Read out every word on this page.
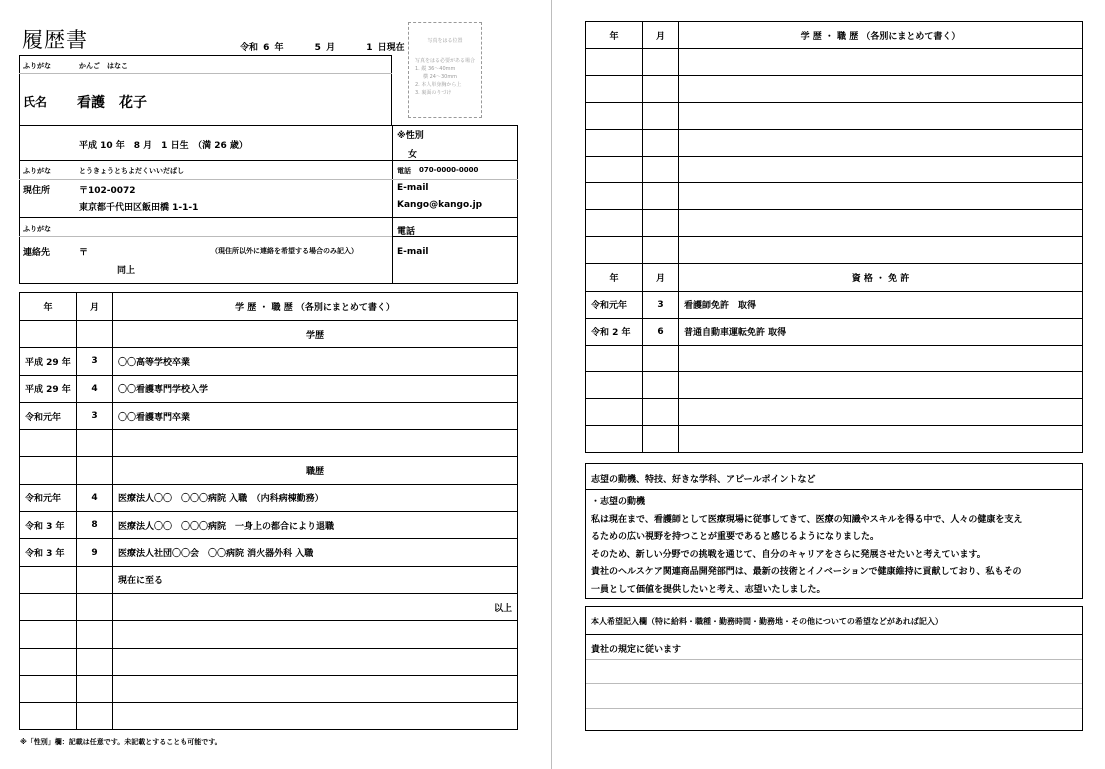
履歴書	令和 6 年	5 月	1 日現在
写真をはる位置
写真をはる必要がある場合
1. 縦 36～40mm
横 24～30mm
2. 本人単身胸から上
3. 裏面のりづけ
ふりがな	かんご　はなこ
氏名 看護　花子
平成 10 年　8 月　1 日生　（満 26 歳）
※性別
女
ふりがな	とうきょうとちよだくいいだばし	電話 070-0000-0000
現住所	〒102-0072
東京都千代田区飯田橋 1-1-1
E-mail
Kango@kango.jp
ふりがな	電話
連絡先	〒	（現住所以外に連絡を希望する場合のみ記入）	E-mail
同上
年	月	学 歴 ・ 職 歴 （各別にまとめて書く）
		学歴
平成 29 年	3	〇〇高等学校卒業
平成 29 年	4	〇〇看護専門学校入学
令和元年	3	〇〇看護専門卒業

		職歴
令和元年	4	医療法人〇〇　〇〇〇病院 入職　（内科病棟勤務）
令和 3 年	8	医療法人〇〇　〇〇〇病院　一身上の都合により退職
令和 3 年	9	医療法人社団〇〇会　〇〇病院 消火器外科 入職
		現在に至る
		以上

年	月	学 歴 ・ 職 歴 （各別にまとめて書く）

年	月	資 格 ・ 免 許
令和元年	3	看護師免許　取得
令和 2 年	6	普通自動車運転免許 取得

志望の動機、特技、好きな学科、アピールポイントなど
・志望の動機
私は現在まで、看護師として医療現場に従事してきて、医療の知識やスキルを得る中で、人々の健康を支え
るための広い視野を持つことが重要であると感じるようになりました。
そのため、新しい分野での挑戦を通じて、自分のキャリアをさらに発展させたいと考えています。
貴社のヘルスケア関連商品開発部門は、最新の技術とイノベーションで健康維持に貢献しており、私もその
一員として価値を提供したいと考え、志望いたしました。
本人希望記入欄（特に給料・職種・勤務時間・勤務地・その他についての希望などがあれば記入）
貴社の規定に従います
※「性別」欄：記載は任意です。未記載とすることも可能です。
